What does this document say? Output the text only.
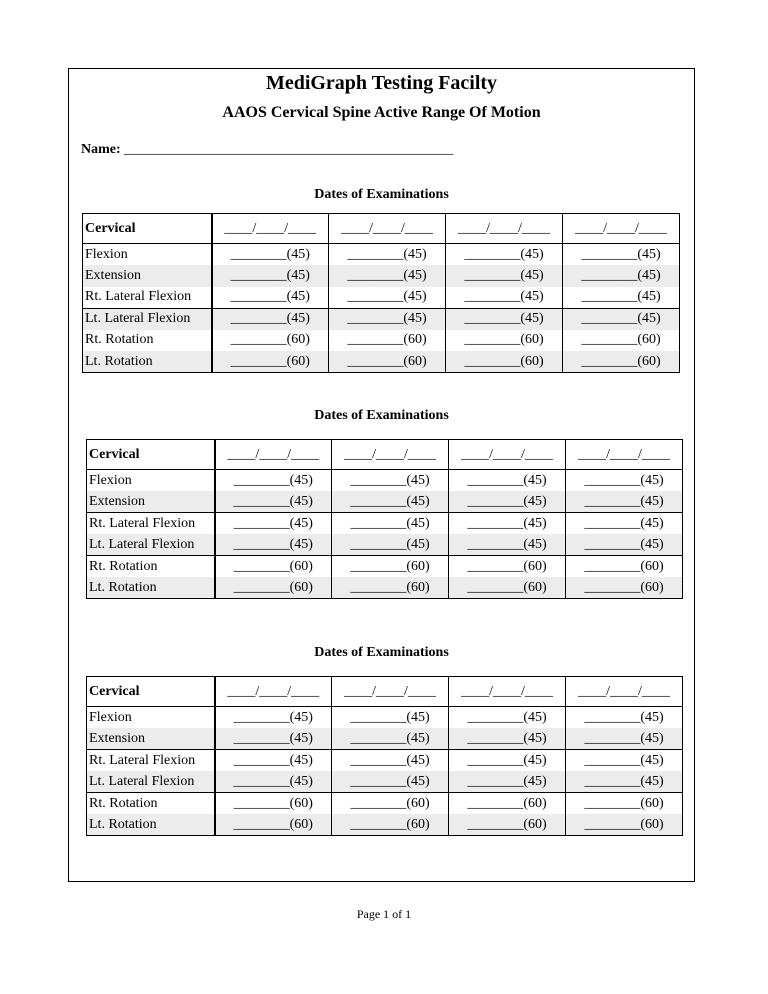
MediGraph Testing Facilty
AAOS Cervical Spine Active Range Of Motion
Name: _______________________________________________
Dates of Examinations
Cervical	____/____/____	____/____/____	____/____/____	____/____/____
Flexion	________(45)	________(45)	________(45)	________(45)
Extension	________(45)	________(45)	________(45)	________(45)
Rt. Lateral Flexion	________(45)	________(45)	________(45)	________(45)
Lt. Lateral Flexion	________(45)	________(45)	________(45)	________(45)
Rt. Rotation	________(60)	________(60)	________(60)	________(60)
Lt. Rotation	________(60)	________(60)	________(60)	________(60)
Dates of Examinations
Cervical	____/____/____	____/____/____	____/____/____	____/____/____
Flexion	________(45)	________(45)	________(45)	________(45)
Extension	________(45)	________(45)	________(45)	________(45)
Rt. Lateral Flexion	________(45)	________(45)	________(45)	________(45)
Lt. Lateral Flexion	________(45)	________(45)	________(45)	________(45)
Rt. Rotation	________(60)	________(60)	________(60)	________(60)
Lt. Rotation	________(60)	________(60)	________(60)	________(60)
Dates of Examinations
Cervical	____/____/____	____/____/____	____/____/____	____/____/____
Flexion	________(45)	________(45)	________(45)	________(45)
Extension	________(45)	________(45)	________(45)	________(45)
Rt. Lateral Flexion	________(45)	________(45)	________(45)	________(45)
Lt. Lateral Flexion	________(45)	________(45)	________(45)	________(45)
Rt. Rotation	________(60)	________(60)	________(60)	________(60)
Lt. Rotation	________(60)	________(60)	________(60)	________(60)
Page 1 of 1
